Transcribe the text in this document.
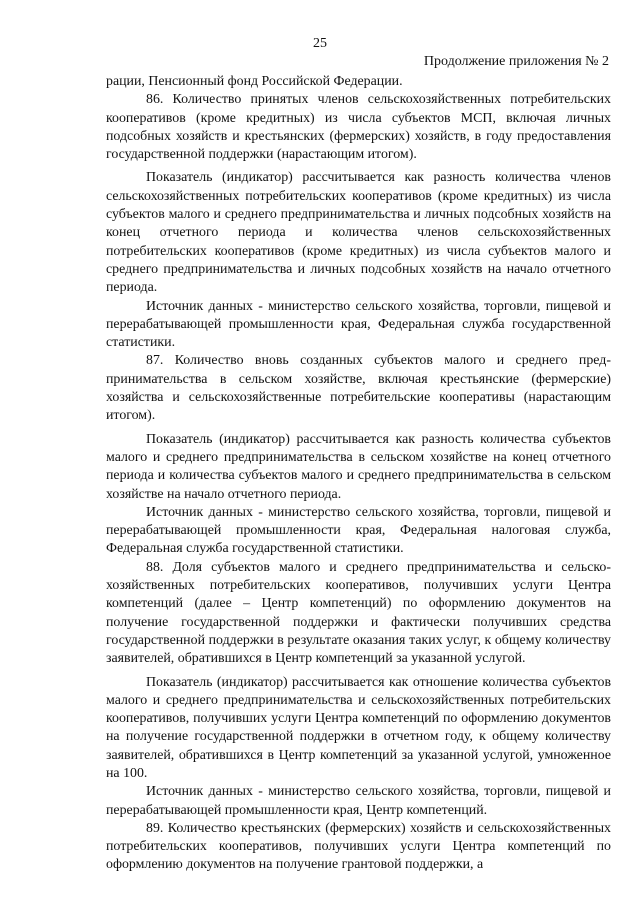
25
Продолжение приложения № 2

рации, Пенсионный фонд Российской Федерации.

86. Количество принятых членов сельскохозяйственных потребительских кооперативов (кроме кредитных) из числа субъектов МСП, включая личных подсобных хозяйств и крестьянских (фермерских) хозяйств, в году предоставления государственной поддержки (нарастающим итогом).

Показатель (индикатор) рассчитывается как разность количества членов сельскохозяйственных потребительских кооперативов (кроме кредитных) из числа субъектов малого и среднего предпринимательства и личных подсобных хозяйств на конец отчетного периода и количества членов сельскохозяйственных потребительских кооперативов (кроме кредитных) из числа субъектов малого и среднего предпринимательства и личных подсобных хозяйств на начало отчетного периода.

Источник данных - министерство сельского хозяйства, торговли, пищевой и перерабатывающей промышленности края, Федеральная служба государственной статистики.

87. Количество вновь созданных субъектов малого и среднего предпринимательства в сельском хозяйстве, включая крестьянские (фермерские) хозяйства и сельскохозяйственные потребительские кооперативы (нарастающим итогом).

Показатель (индикатор) рассчитывается как разность количества субъектов малого и среднего предпринимательства в сельском хозяйстве на конец отчетного периода и количества субъектов малого и среднего предпринимательства в сельском хозяйстве на начало отчетного периода.

Источник данных - министерство сельского хозяйства, торговли, пищевой и перерабатывающей промышленности края, Федеральная налоговая служба, Федеральная служба государственной статистики.

88. Доля субъектов малого и среднего предпринимательства и сельскохозяйственных потребительских кооперативов, получивших услуги Центра компетенций (далее – Центр компетенций) по оформлению документов на получение государственной поддержки и фактически получивших средства государственной поддержки в результате оказания таких услуг, к общему количеству заявителей, обратившихся в Центр компетенций за указанной услугой.

Показатель (индикатор) рассчитывается как отношение количества субъектов малого и среднего предпринимательства и сельскохозяйственных потребительских кооперативов, получивших услуги Центра компетенций по оформлению документов на получение государственной поддержки в отчетном году, к общему количеству заявителей, обратившихся в Центр компетенций за указанной услугой, умноженное на 100.

Источник данных - министерство сельского хозяйства, торговли, пищевой и перерабатывающей промышленности края, Центр компетенций.

89. Количество крестьянских (фермерских) хозяйств и сельскохозяйственных потребительских кооперативов, получивших услуги Центра компетенций по оформлению документов на получение грантовой поддержки, а
